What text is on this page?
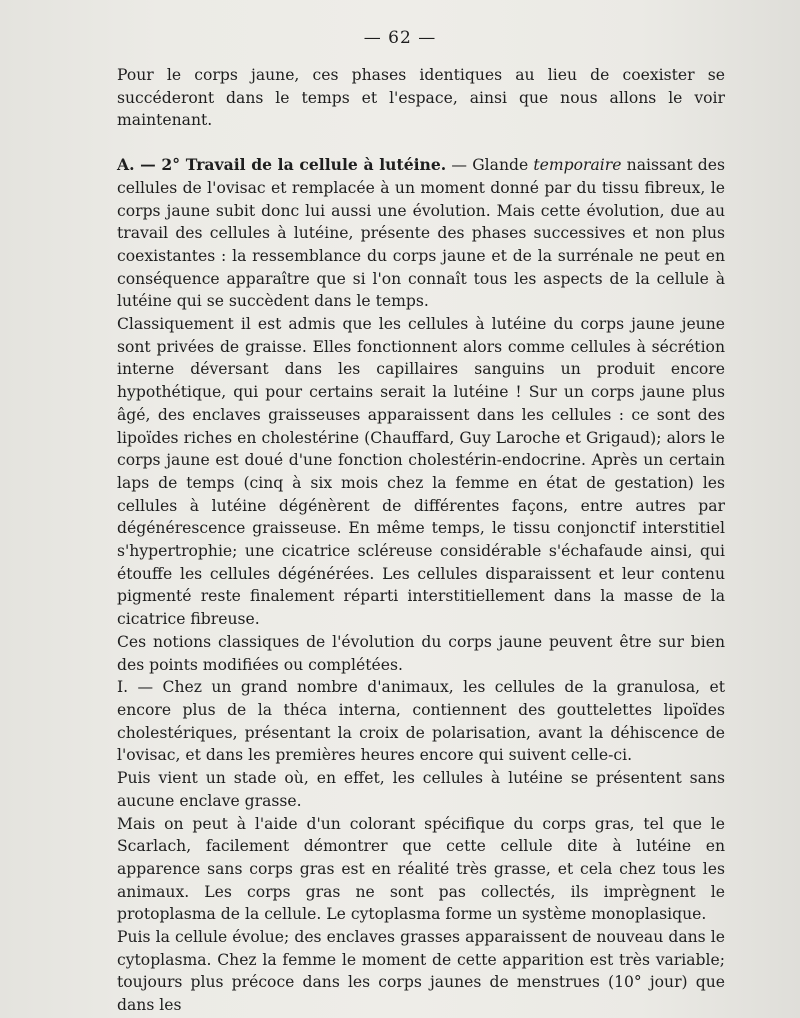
— 62 —

Pour le corps jaune, ces phases identiques au lieu de coexister se succéderont dans le temps et l'espace, ainsi que nous allons le voir maintenant.

A. — 2° Travail de la cellule à lutéine. — Glande temporaire naissant des cellules de l'ovisac et remplacée à un moment donné par du tissu fibreux, le corps jaune subit donc lui aussi une évolution. Mais cette évolution, due au travail des cellules à lutéine, présente des phases successives et non plus coexistantes : la ressemblance du corps jaune et de la surrénale ne peut en conséquence apparaître que si l'on connaît tous les aspects de la cellule à lutéine qui se succèdent dans le temps.

Classiquement il est admis que les cellules à lutéine du corps jaune jeune sont privées de graisse. Elles fonctionnent alors comme cellules à sécrétion interne déversant dans les capillaires sanguins un produit encore hypothétique, qui pour certains serait la lutéine ! Sur un corps jaune plus âgé, des enclaves graisseuses apparaissent dans les cellules : ce sont des lipoïdes riches en cholestérine (Chauffard, Guy Laroche et Grigaud); alors le corps jaune est doué d'une fonction cholestérin-endocrine. Après un certain laps de temps (cinq à six mois chez la femme en état de gestation) les cellules à lutéine dégénèrent de différentes façons, entre autres par dégénérescence graisseuse. En même temps, le tissu conjonctif interstitiel s'hypertrophie; une cicatrice scléreuse considérable s'échafaude ainsi, qui étouffe les cellules dégénérées. Les cellules disparaissent et leur contenu pigmenté reste finalement réparti interstitiellement dans la masse de la cicatrice fibreuse.

Ces notions classiques de l'évolution du corps jaune peuvent être sur bien des points modifiées ou complétées.

I. — Chez un grand nombre d'animaux, les cellules de la granulosa, et encore plus de la théca interna, contiennent des gouttelettes lipoïdes cholestériques, présentant la croix de polarisation, avant la déhiscence de l'ovisac, et dans les premières heures encore qui suivent celle-ci.

Puis vient un stade où, en effet, les cellules à lutéine se présentent sans aucune enclave grasse.

Mais on peut à l'aide d'un colorant spécifique du corps gras, tel que le Scarlach, facilement démontrer que cette cellule dite à lutéine en apparence sans corps gras est en réalité très grasse, et cela chez tous les animaux. Les corps gras ne sont pas collectés, ils imprègnent le protoplasma de la cellule. Le cytoplasma forme un système monoplasique.

Puis la cellule évolue; des enclaves grasses apparaissent de nouveau dans le cytoplasma. Chez la femme le moment de cette apparition est très variable; toujours plus précoce dans les corps jaunes de menstrues (10° jour) que dans les
